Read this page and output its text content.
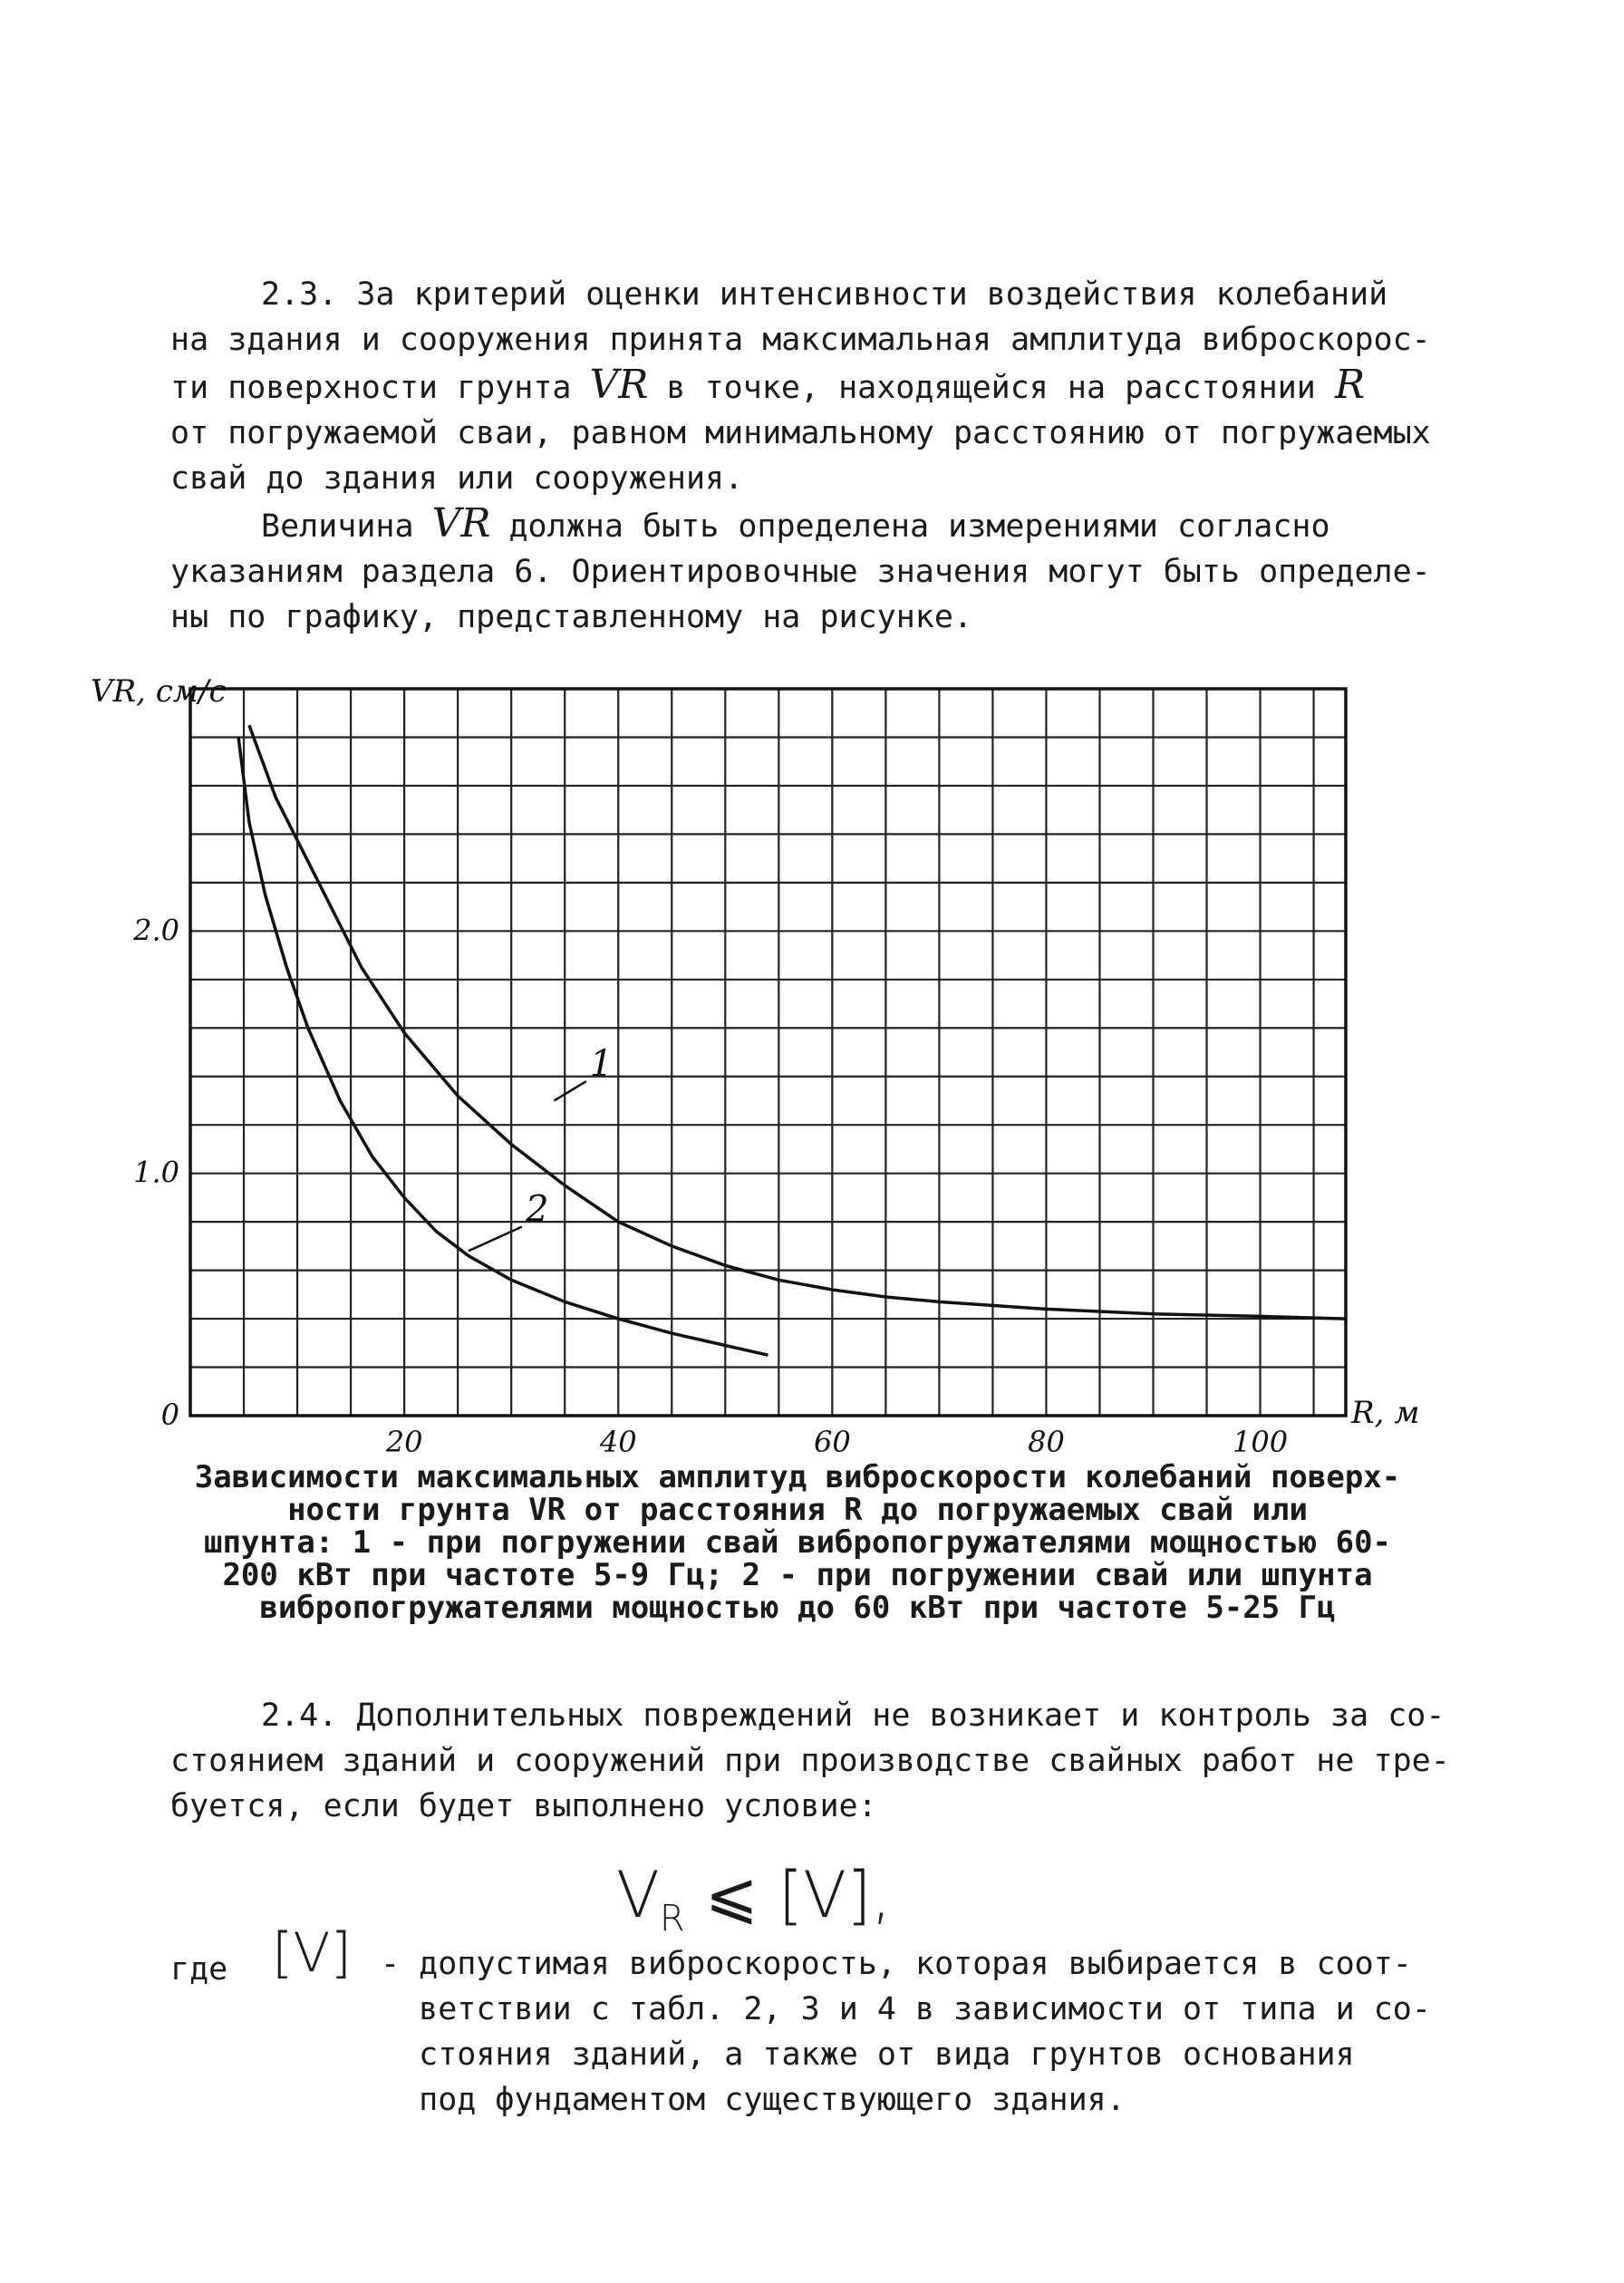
2.3. За критерий оценки интенсивности воздействия колебаний
на здания и сооружения принята максимальная амплитуда виброскорос-
ти поверхности грунта VR в точке, находящейся на расстоянии R
от погружаемой сваи, равном минимальному расстоянию от погружаемых
свай до здания или сооружения.
Величина VR должна быть определена измерениями согласно
указаниям раздела 6. Ориентировочные значения могут быть определе-
ны по графику, представленному на рисунке.
1
2
20	40	60	80	100
0
1.0
2.0
VR, см/с
R, м
Зависимости максимальных амплитуд виброскорости колебаний поверх-
ности грунта VR от расстояния R до погружаемых свай или
шпунта: 1 - при погружении свай вибропогружателями мощностью 60-
200 кВт при частоте 5-9 Гц; 2 - при погружении свай или шпунта
вибропогружателями мощностью до 60 кВт при частоте 5-25 Гц
2.4. Дополнительных повреждений не возникает и контроль за со-
стоянием зданий и сооружений при производстве свайных работ не тре-
буется, если будет выполнено условие:
$V_R$ ⩽ [V],
где [V] - допустимая виброскорость, которая выбирается в соот-
ветствии с табл. 2, 3 и 4 в зависимости от типа и со-
стояния зданий, а также от вида грунтов основания
под фундаментом существующего здания.
